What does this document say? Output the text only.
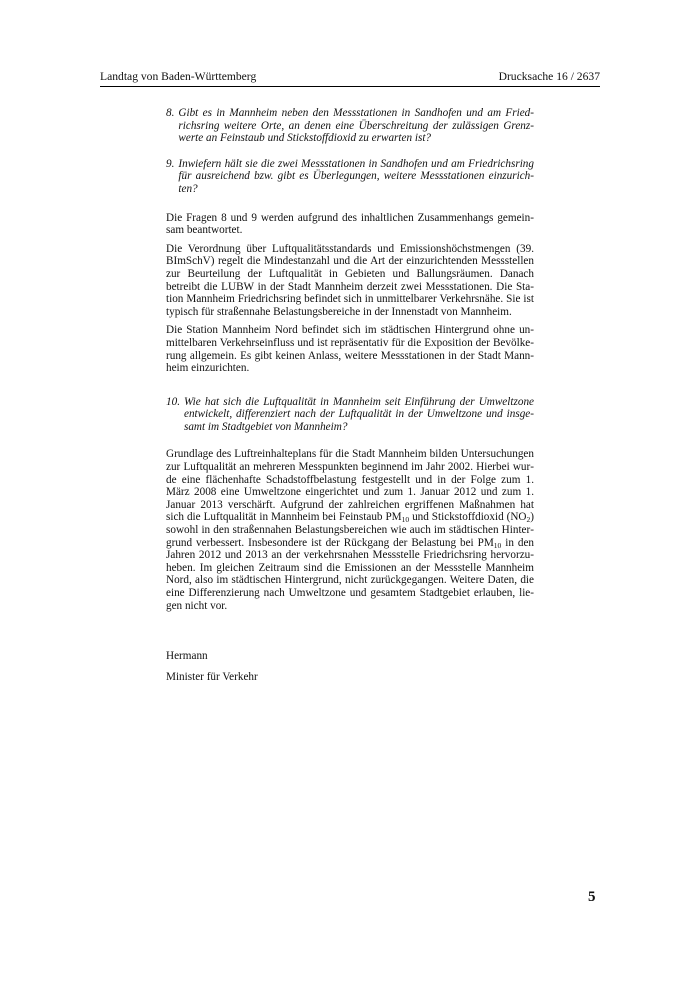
Landtag von Baden-Württemberg	Drucksache 16 / 2637
8. Gibt es in Mannheim neben den Messstationen in Sandhofen und am Friedrichsring weitere Orte, an denen eine Überschreitung der zulässigen Grenzwerte an Feinstaub und Stickstoffdioxid zu erwarten ist?
9. Inwiefern hält sie die zwei Messstationen in Sandhofen und am Friedrichsring für ausreichend bzw. gibt es Überlegungen, weitere Messstationen einzurichten?

Die Fragen 8 und 9 werden aufgrund des inhaltlichen Zusammenhangs gemeinsam beantwortet.

Die Verordnung über Luftqualitätsstandards und Emissionshöchstmengen (39. BImSchV) regelt die Mindestanzahl und die Art der einzurichtenden Messstellen zur Beurteilung der Luftqualität in Gebieten und Ballungsräumen. Danach betreibt die LUBW in der Stadt Mannheim derzeit zwei Messstationen. Die Station Mannheim Friedrichsring befindet sich in unmittelbarer Verkehrsnähe. Sie ist typisch für straßennahe Belastungsbereiche in der Innenstadt von Mannheim.

Die Station Mannheim Nord befindet sich im städtischen Hintergrund ohne unmittelbaren Verkehrseinfluss und ist repräsentativ für die Exposition der Bevölkerung allgemein. Es gibt keinen Anlass, weitere Messstationen in der Stadt Mannheim einzurichten.

10. Wie hat sich die Luftqualität in Mannheim seit Einführung der Umweltzone entwickelt, differenziert nach der Luftqualität in der Umweltzone und insgesamt im Stadtgebiet von Mannheim?

Grundlage des Luftreinhalteplans für die Stadt Mannheim bilden Untersuchungen zur Luftqualität an mehreren Messpunkten beginnend im Jahr 2002. Hierbei wurde eine flächenhafte Schadstoffbelastung festgestellt und in der Folge zum 1. März 2008 eine Umweltzone eingerichtet und zum 1. Januar 2012 und zum 1. Januar 2013 verschärft. Aufgrund der zahlreichen ergriffenen Maßnahmen hat sich die Luftqualität in Mannheim bei Feinstaub $PM_{10}$ und Stickstoffdioxid $(NO_2)$ sowohl in den straßennahen Belastungsbereichen wie auch im städtischen Hintergrund verbessert. Insbesondere ist der Rückgang der Belastung bei $PM_{10}$ in den Jahren 2012 und 2013 an der verkehrsnahen Messstelle Friedrichsring hervorzuheben. Im gleichen Zeitraum sind die Emissionen an der Messstelle Mannheim Nord, also im städtischen Hintergrund, nicht zurückgegangen. Weitere Daten, die eine Differenzierung nach Umweltzone und gesamtem Stadtgebiet erlauben, liegen nicht vor.

Hermann

Minister für Verkehr

5
